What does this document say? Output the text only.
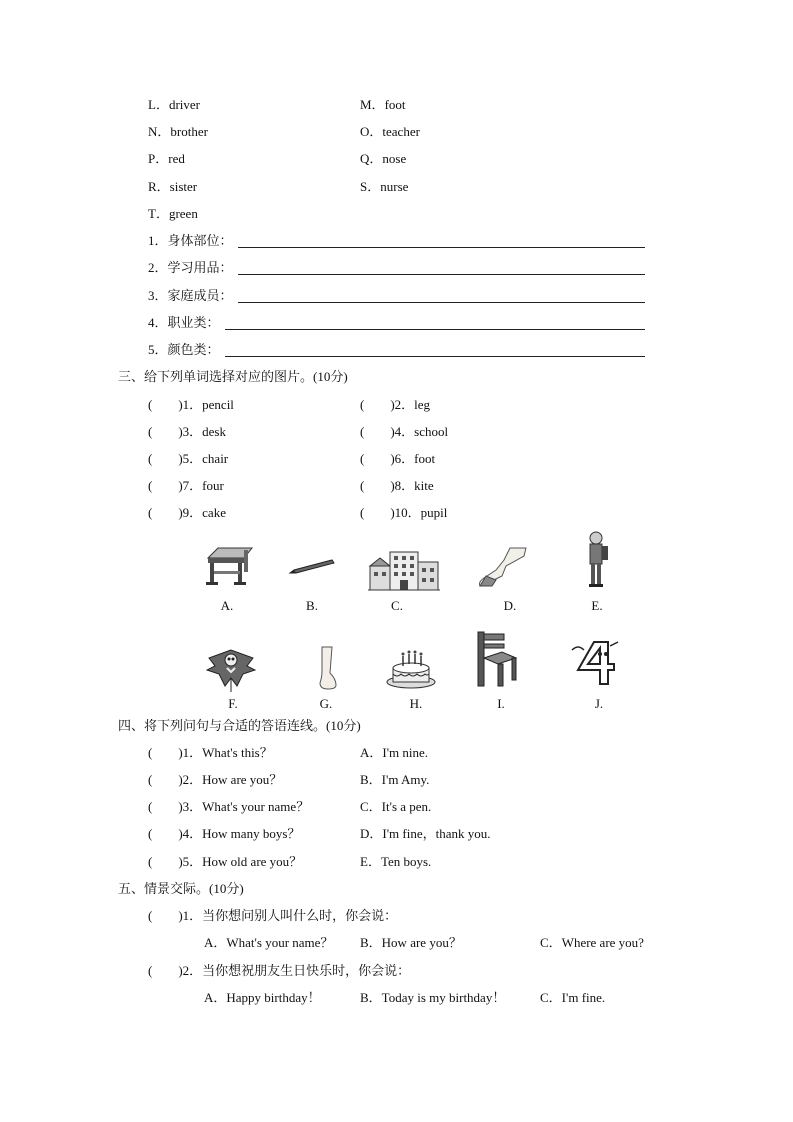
L．driver	M．foot
N．brother	O．teacher
P．red	Q．nose
R．sister	S．nurse
T．green
1．身体部位：
2．学习用品：
3．家庭成员：
4．职业类：
5．颜色类：
三、给下列单词选择对应的图片。(10分)
(　　)1．pencil	(　　)2．leg
(　　)3．desk	(　　)4．school
(　　)5．chair	(　　)6．foot
(　　)7．four	(　　)8．kite
(　　)9．cake	(　　)10．pupil
A.	B.	C.	D.	E.
F.	G.	H.	I.	J.
四、将下列问句与合适的答语连线。(10分)
(　　)1．What's this？	A．I'm nine.
(　　)2．How are you？	B．I'm Amy.
(　　)3．What's your name？	C．It's a pen.
(　　)4．How many boys？	D．I'm fine，thank you.
(　　)5．How old are you？	E．Ten boys.
五、情景交际。(10分)
(　　)1．当你想问别人叫什么时，你会说：
A．What's your name？ B．How are you？	C．Where are you?
(　　)2．当你想祝朋友生日快乐时，你会说：
A．Happy birthday！	B．Today is my birthday！	C．I'm fine.
